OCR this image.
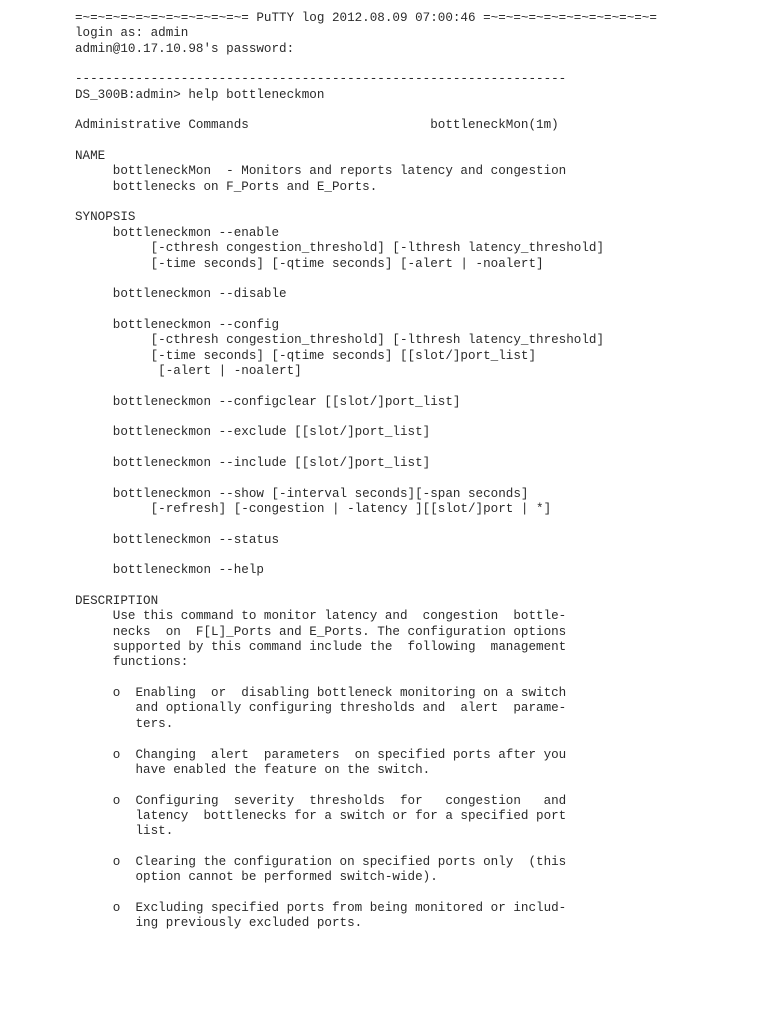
=~=~=~=~=~=~=~=~=~=~=~= PuTTY log 2012.08.09 07:00:46 =~=~=~=~=~=~=~=~=~=~=~=
login as: admin
admin@10.17.10.98's password:
-----------------------------------------------------------------
DS_300B:admin> help bottleneckmon
Administrative Commands                        bottleneckMon(1m)
NAME
bottleneckMon  - Monitors and reports latency and congestion
bottlenecks on F_Ports and E_Ports.
SYNOPSIS
bottleneckmon --enable
[-cthresh congestion_threshold] [-lthresh latency_threshold]
[-time seconds] [-qtime seconds] [-alert | -noalert]
bottleneckmon --disable
bottleneckmon --config
[-cthresh congestion_threshold] [-lthresh latency_threshold]
[-time seconds] [-qtime seconds] [[slot/]port_list]
[-alert | -noalert]
bottleneckmon --configclear [[slot/]port_list]
bottleneckmon --exclude [[slot/]port_list]
bottleneckmon --include [[slot/]port_list]
bottleneckmon --show [-interval seconds][-span seconds]
[-refresh] [-congestion | -latency ][[slot/]port | *]
bottleneckmon --status
bottleneckmon --help
DESCRIPTION
Use this command to monitor latency and  congestion  bottle-
necks  on  F[L]_Ports and E_Ports. The configuration options
supported by this command include the  following  management
functions:
o  Enabling  or  disabling bottleneck monitoring on a switch
and optionally configuring thresholds and  alert  parame-
ters.
o  Changing  alert  parameters  on specified ports after you
have enabled the feature on the switch.
o  Configuring  severity  thresholds  for   congestion   and
latency  bottlenecks for a switch or for a specified port
list.
o  Clearing the configuration on specified ports only  (this
option cannot be performed switch-wide).
o  Excluding specified ports from being monitored or includ-
ing previously excluded ports.
